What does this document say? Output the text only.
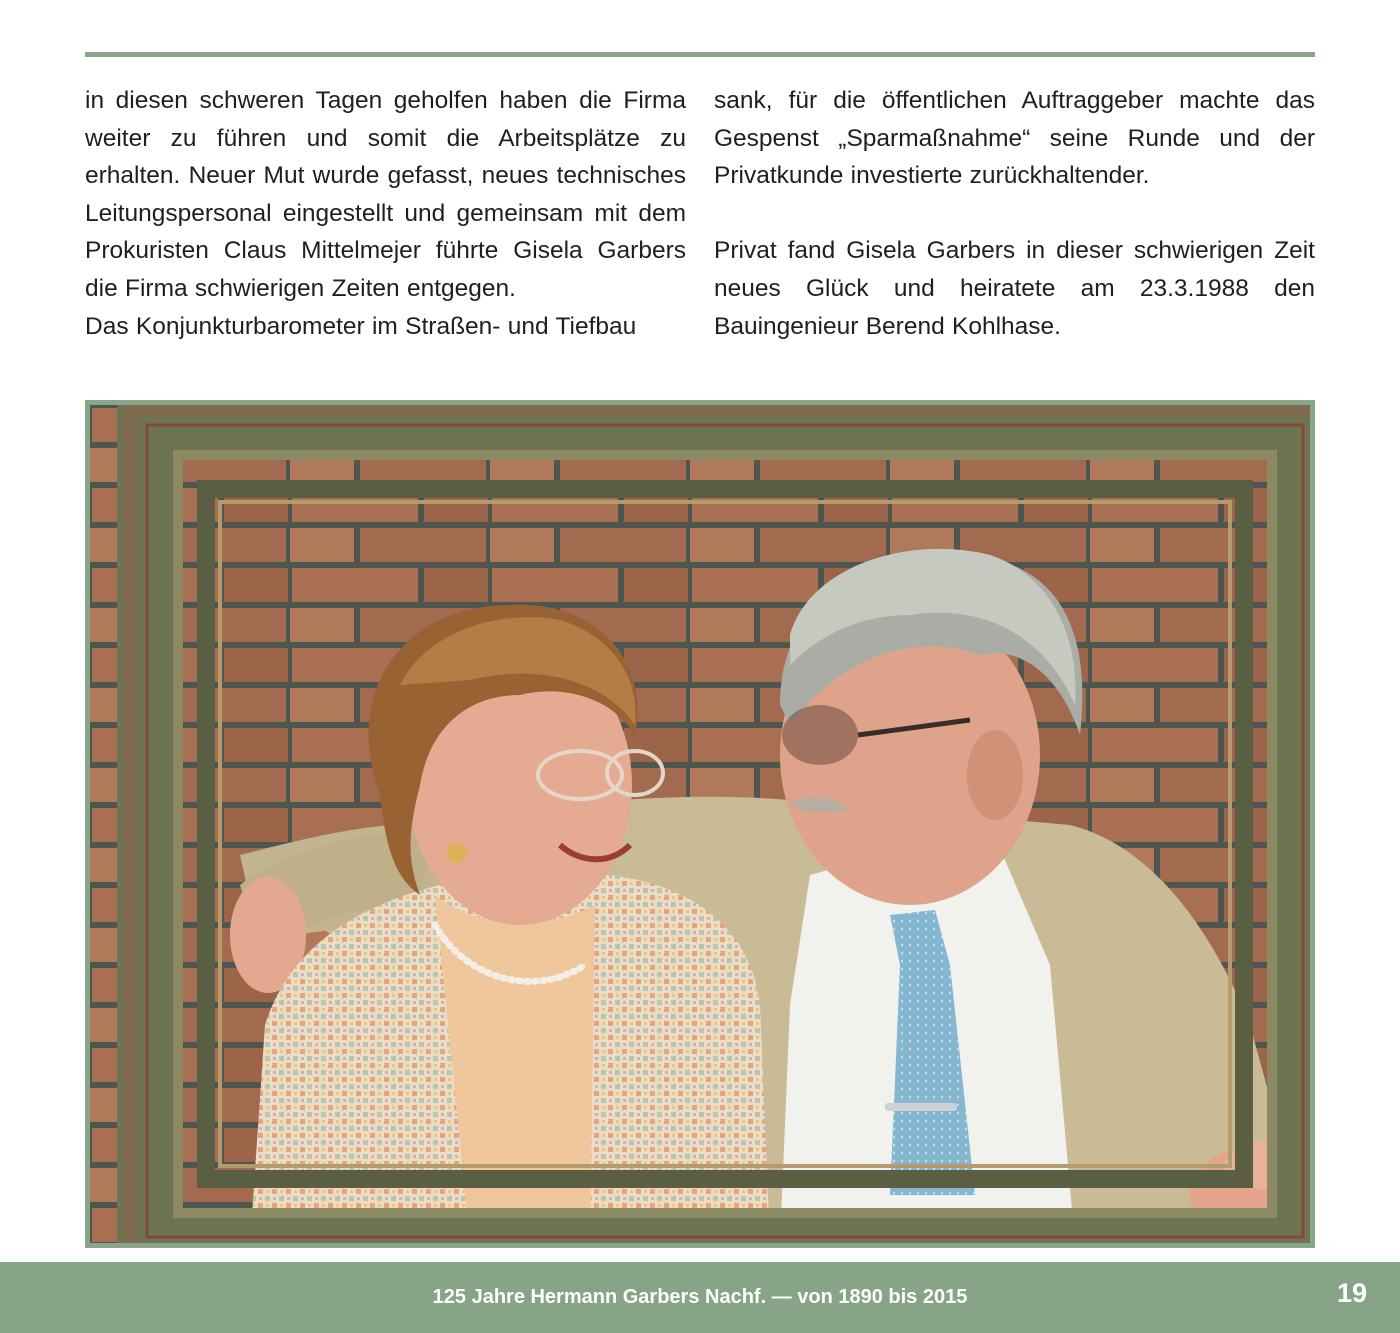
in diesen schweren Tagen geholfen haben die Firma weiter zu führen und somit die Arbeitsplätze zu erhalten. Neuer Mut wurde gefasst, neues technisches Leitungspersonal eingestellt und gemeinsam mit dem Prokuristen Claus Mittelmejer führte Gisela Garbers die Firma schwierigen Zeiten entgegen.

Das Konjunkturbarometer im Straßen- und Tiefbau

sank, für die öffentlichen Auftraggeber machte das Gespenst „Sparmaßnahme“ seine Runde und der Privatkunde investierte zurückhaltender.

Privat fand Gisela Garbers in dieser schwierigen Zeit neues Glück und heiratete am 23.3.1988 den Bauingenieur Berend Kohlhase.

125 Jahre Hermann Garbers Nachf. — von 1890 bis 2015	19
